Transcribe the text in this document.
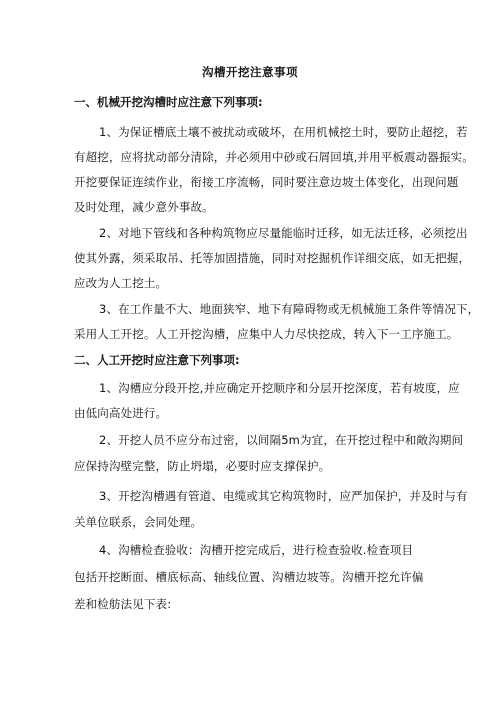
沟槽开挖注意事项
一、机械开挖沟槽时应注意下列事项:
1、为保证槽底土壤不被扰动或破坏，在用机械挖土时，要防止超挖，若
有超挖，应将扰动部分清除，并必须用中砂或石屑回填,并用平板震动器振实。
开挖要保证连续作业，衔接工序流畅，同时要注意边坡土体变化，出现问题
及时处理，减少意外事故。
2、对地下管线和各种构筑物应尽量能临时迁移，如无法迁移，必须挖出
使其外露，须采取吊、托等加固措施，同时对挖掘机作详细交底，如无把握，
应改为人工挖土。
3、在工作量不大、地面狭窄、地下有障碍物或无机械施工条件等情况下，
采用人工开挖。人工开挖沟槽，应集中人力尽快挖成，转入下一工序施工。
二、人工开挖时应注意下列事项:
1、沟槽应分段开挖,并应确定开挖顺序和分层开挖深度，若有坡度，应
由低向高处进行。
2、开挖人员不应分布过密，以间隔5m为宜，在开挖过程中和敞沟期间
应保持沟壁完整，防止坍塌，必要时应支撑保护。
3、开挖沟槽遇有管道、电缆或其它构筑物时，应严加保护，并及时与有
关单位联系，会同处理。
4、沟槽检查验收：沟槽开挖完成后，进行检查验收.检查项目
包括开挖断面、槽底标高、轴线位置、沟槽边坡等。沟槽开挖允许偏
差和检舫法见下表:
